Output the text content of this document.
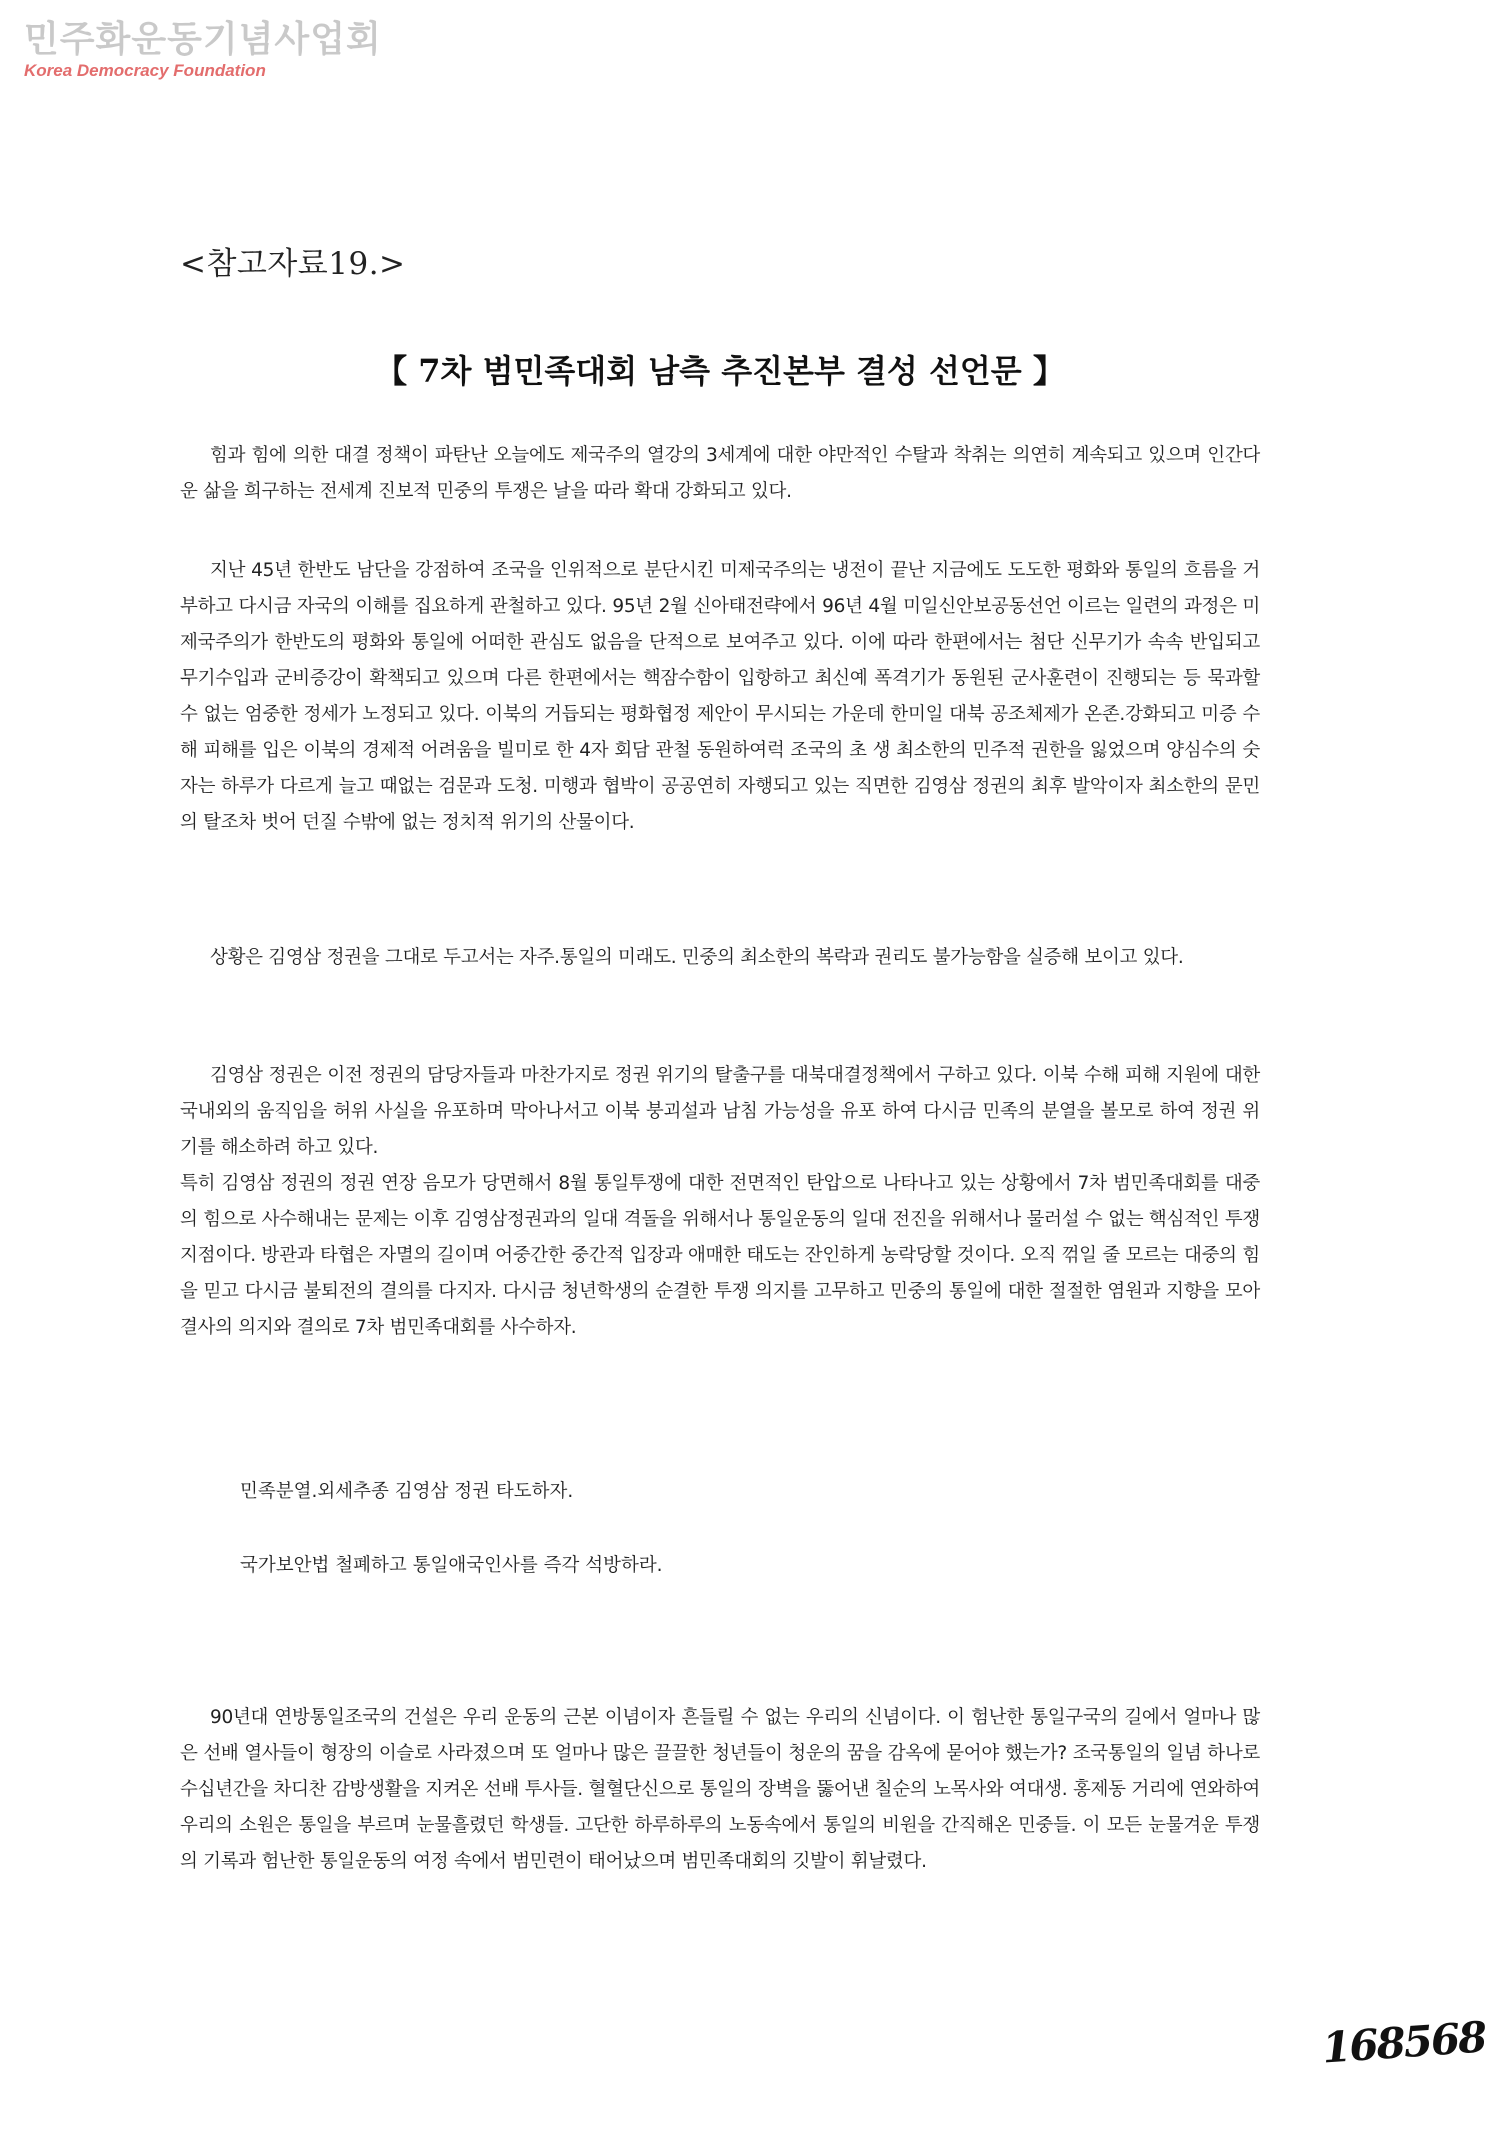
민주화운동기념사업회
Korea Democracy Foundation
<참고자료19.>
【 7차 범민족대회 남측 추진본부 결성 선언문 】

힘과 힘에 의한 대결 정책이 파탄난 오늘에도 제국주의 열강의 3세계에 대한 야만적인 수탈과 착취는 의연히 계속되고 있으며 인간다운 삶을 희구하는 전세계 진보적 민중의 투쟁은 날을 따라 확대 강화되고 있다.

지난 45년 한반도 남단을 강점하여 조국을 인위적으로 분단시킨 미제국주의는 냉전이 끝난 지금에도 도도한 평화와 통일의 흐름을 거부하고 다시금 자국의 이해를 집요하게 관철하고 있다. 95년 2월 신아태전략에서 96년 4월 미일신안보공동선언 이르는 일련의 과정은 미제국주의가 한반도의 평화와 통일에 어떠한 관심도 없음을 단적으로 보여주고 있다. 이에 따라 한편에서는 첨단 신무기가 속속 반입되고 무기수입과 군비증강이 확책되고 있으며 다른 한편에서는 핵잠수함이 입항하고 최신예 폭격기가 동원된 군사훈련이 진행되는 등 묵과할 수 없는 엄중한 정세가 노정되고 있다. 이북의 거듭되는 평화협정 제안이 무시되는 가운데 한미일 대북 공조체제가 온존.강화되고 미증 수해 피해를 입은 이북의 경제적 어려움을 빌미로 한 4자 회담 관철 동원하여럭 조국의 초 생 최소한의 민주적 권한을 잃었으며 양심수의 숫자는 하루가 다르게 늘고 때없는 검문과 도청. 미행과 협박이 공공연히 자행되고 있는 직면한 김영삼 정권의 최후 발악이자 최소한의 문민의 탈조차 벗어 던질 수밖에 없는 정치적 위기의 산물이다.

상황은 김영삼 정권을 그대로 두고서는 자주.통일의 미래도. 민중의 최소한의 복락과 권리도 불가능함을 실증해 보이고 있다.

김영삼 정권은 이전 정권의 담당자들과 마찬가지로 정권 위기의 탈출구를 대북대결정책에서 구하고 있다. 이북 수해 피해 지원에 대한 국내외의 움직임을 허위 사실을 유포하며 막아나서고 이북 붕괴설과 남침 가능성을 유포 하여 다시금 민족의 분열을 볼모로 하여 정권 위기를 해소하려 하고 있다.

특히 김영삼 정권의 정권 연장 음모가 당면해서 8월 통일투쟁에 대한 전면적인 탄압으로 나타나고 있는 상황에서 7차 범민족대회를 대중의 힘으로 사수해내는 문제는 이후 김영삼정권과의 일대 격돌을 위해서나 통일운동의 일대 전진을 위해서나 물러설 수 없는 핵심적인 투쟁지점이다. 방관과 타협은 자멸의 길이며 어중간한 중간적 입장과 애매한 태도는 잔인하게 농락당할 것이다. 오직 꺾일 줄 모르는 대중의 힘을 믿고 다시금 불퇴전의 결의를 다지자. 다시금 청년학생의 순결한 투쟁 의지를 고무하고 민중의 통일에 대한 절절한 염원과 지향을 모아 결사의 의지와 결의로 7차 범민족대회를 사수하자.

민족분열.외세추종 김영삼 정권 타도하자.

국가보안법 철폐하고 통일애국인사를 즉각 석방하라.

90년대 연방통일조국의 건설은 우리 운동의 근본 이념이자 흔들릴 수 없는 우리의 신념이다. 이 험난한 통일구국의 길에서 얼마나 많은 선배 열사들이 형장의 이슬로 사라졌으며 또 얼마나 많은 끌끌한 청년들이 청운의 꿈을 감옥에 묻어야 했는가? 조국통일의 일념 하나로 수십년간을 차디찬 감방생활을 지켜온 선배 투사들. 혈혈단신으로 통일의 장벽을 뚫어낸 칠순의 노목사와 여대생. 홍제동 거리에 연와하여 우리의 소원은 통일을 부르며 눈물흘렸던 학생들. 고단한 하루하루의 노동속에서 통일의 비원을 간직해온 민중들. 이 모든 눈물겨운 투쟁의 기록과 험난한 통일운동의 여정 속에서 범민련이 태어났으며 범민족대회의 깃발이 휘날렸다.

168568
